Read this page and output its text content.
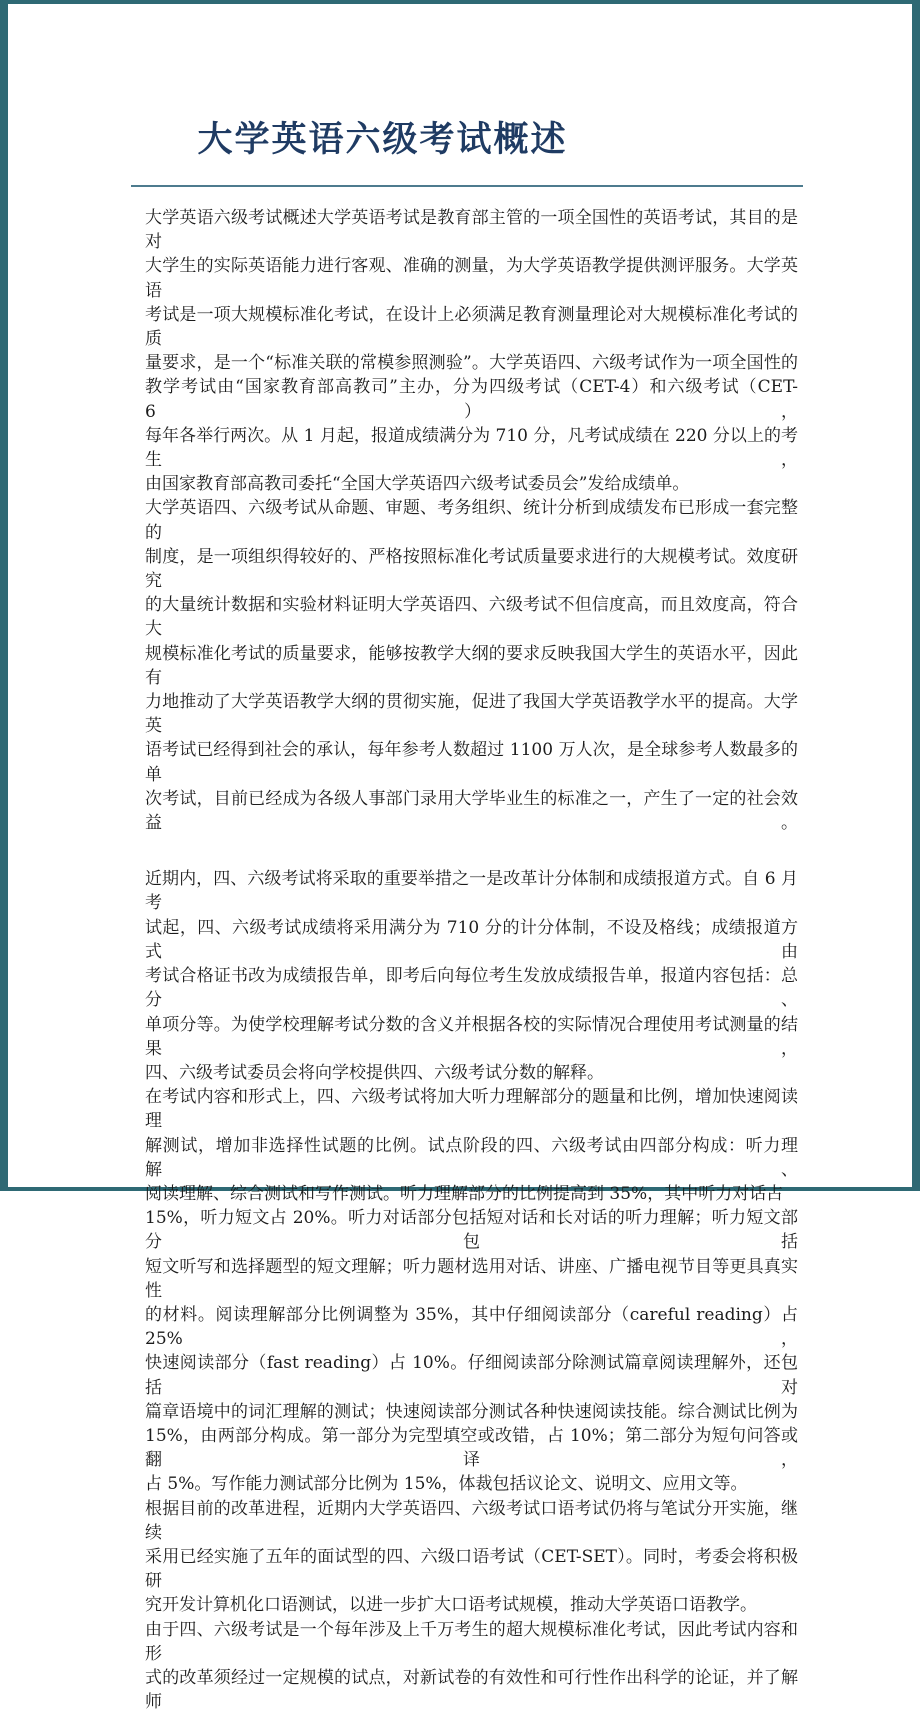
大学英语六级考试概述
大学英语六级考试概述大学英语考试是教育部主管的一项全国性的英语考试，其目的是对
大学生的实际英语能力进行客观、准确的测量，为大学英语教学提供测评服务。大学英语
考试是一项大规模标准化考试，在设计上必须满足教育测量理论对大规模标准化考试的质
量要求，是一个“标准关联的常模参照测验”。大学英语四、六级考试作为一项全国性的
教学考试由“国家教育部高教司”主办，分为四级考试（CET-4）和六级考试（CET-6），
每年各举行两次。从 1 月起，报道成绩满分为 710 分，凡考试成绩在 220 分以上的考生，
由国家教育部高教司委托“全国大学英语四六级考试委员会”发给成绩单。
大学英语四、六级考试从命题、审题、考务组织、统计分析到成绩发布已形成一套完整的
制度，是一项组织得较好的、严格按照标准化考试质量要求进行的大规模考试。效度研究
的大量统计数据和实验材料证明大学英语四、六级考试不但信度高，而且效度高，符合大
规模标准化考试的质量要求，能够按教学大纲的要求反映我国大学生的英语水平，因此有
力地推动了大学英语教学大纲的贯彻实施，促进了我国大学英语教学水平的提高。大学英
语考试已经得到社会的承认，每年参考人数超过 1100 万人次，是全球参考人数最多的单
次考试，目前已经成为各级人事部门录用大学毕业生的标准之一，产生了一定的社会效益。
近期内，四、六级考试将采取的重要举措之一是改革计分体制和成绩报道方式。自 6 月考
试起，四、六级考试成绩将采用满分为 710 分的计分体制，不设及格线；成绩报道方式由
考试合格证书改为成绩报告单，即考后向每位考生发放成绩报告单，报道内容包括：总分、
单项分等。为使学校理解考试分数的含义并根据各校的实际情况合理使用考试测量的结果，
四、六级考试委员会将向学校提供四、六级考试分数的解释。
在考试内容和形式上，四、六级考试将加大听力理解部分的题量和比例，增加快速阅读理
解测试，增加非选择性试题的比例。试点阶段的四、六级考试由四部分构成：听力理解、
阅读理解、综合测试和写作测试。听力理解部分的比例提高到 35%，其中听力对话占
15%，听力短文占 20%。听力对话部分包括短对话和长对话的听力理解；听力短文部分包括
短文听写和选择题型的短文理解；听力题材选用对话、讲座、广播电视节目等更具真实性
的材料。阅读理解部分比例调整为 35%，其中仔细阅读部分（careful reading）占 25%，
快速阅读部分（fast reading）占 10%。仔细阅读部分除测试篇章阅读理解外，还包括对
篇章语境中的词汇理解的测试；快速阅读部分测试各种快速阅读技能。综合测试比例为
15%，由两部分构成。第一部分为完型填空或改错，占 10%；第二部分为短句问答或翻译，
占 5%。写作能力测试部分比例为 15%，体裁包括议论文、说明文、应用文等。
根据目前的改革进程，近期内大学英语四、六级考试口语考试仍将与笔试分开实施，继续
采用已经实施了五年的面试型的四、六级口语考试（CET-SET）。同时，考委会将积极研
究开发计算机化口语测试，以进一步扩大口语考试规模，推动大学英语口语教学。
由于四、六级考试是一个每年涉及上千万考生的超大规模标准化考试，因此考试内容和形
式的改革须经过一定规模的试点，对新试卷的有效性和可行性作出科学的论证，并了解师
